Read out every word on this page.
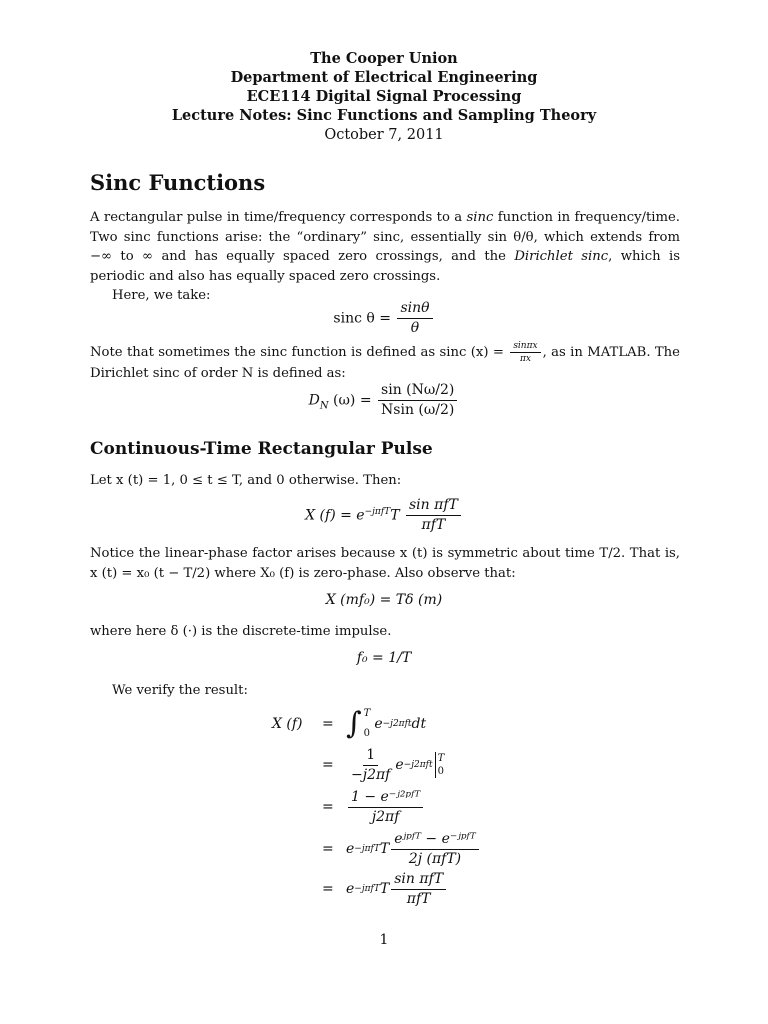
The Cooper Union
Department of Electrical Engineering
ECE114 Digital Signal Processing
Lecture Notes: Sinc Functions and Sampling Theory
October 7, 2011
Sinc Functions
A rectangular pulse in time/frequency corresponds to a sinc function in frequency/time. Two sinc functions arise: the “ordinary” sinc, essentially sin θ/θ, which extends from −∞ to ∞ and has equally spaced zero crossings, and the Dirichlet sinc, which is periodic and also has equally spaced zero crossings.
Here, we take:
sinc $\theta = \frac{\sin\theta}{\theta}$
Note that sometimes the sinc function is defined as sinc $(x) = \frac{\sin\pi x}{\pi x}$ , as in MATLAB. The Dirichlet sinc of order N is defined as:
$D_N$ $(\omega) = \frac{\sin (N\omega/2)}{Nsin (\omega/2)}$
Continuous-Time Rectangular Pulse
Let x (t) = 1, 0 ≤ t ≤ T, and 0 otherwise. Then:
X $(f) = e^{-j\pi fT}T \frac{\text{sin πfT}}{\text{πfT}}$
Notice the linear-phase factor arises because x (t) is symmetric about time T/2. That is, x (t) = x₀ (t − T/2) where X₀ (f) is zero-phase. Also observe that:
X (mf₀) = Tδ (m)
where here δ (·) is the discrete-time impulse.
f₀ = 1/T
We verify the result:
X (f) = ∫ T
0
e −j2πft dt
= $\frac{1}{-j2\pi f}$ e −j2πft
T
0
= $\frac{\text{1 − e⁻ʲ²ᵖᶠᵀ}}{j2\pi f}$
= e −jπfT T $\frac{\text{eʲᵖᶠᵀ − e⁻ʲᵖᶠᵀ}}{\text{2j (πfT)}}$
= e −jπfT T $\frac{\text{sin πfT}}{\text{πfT}}$
1
